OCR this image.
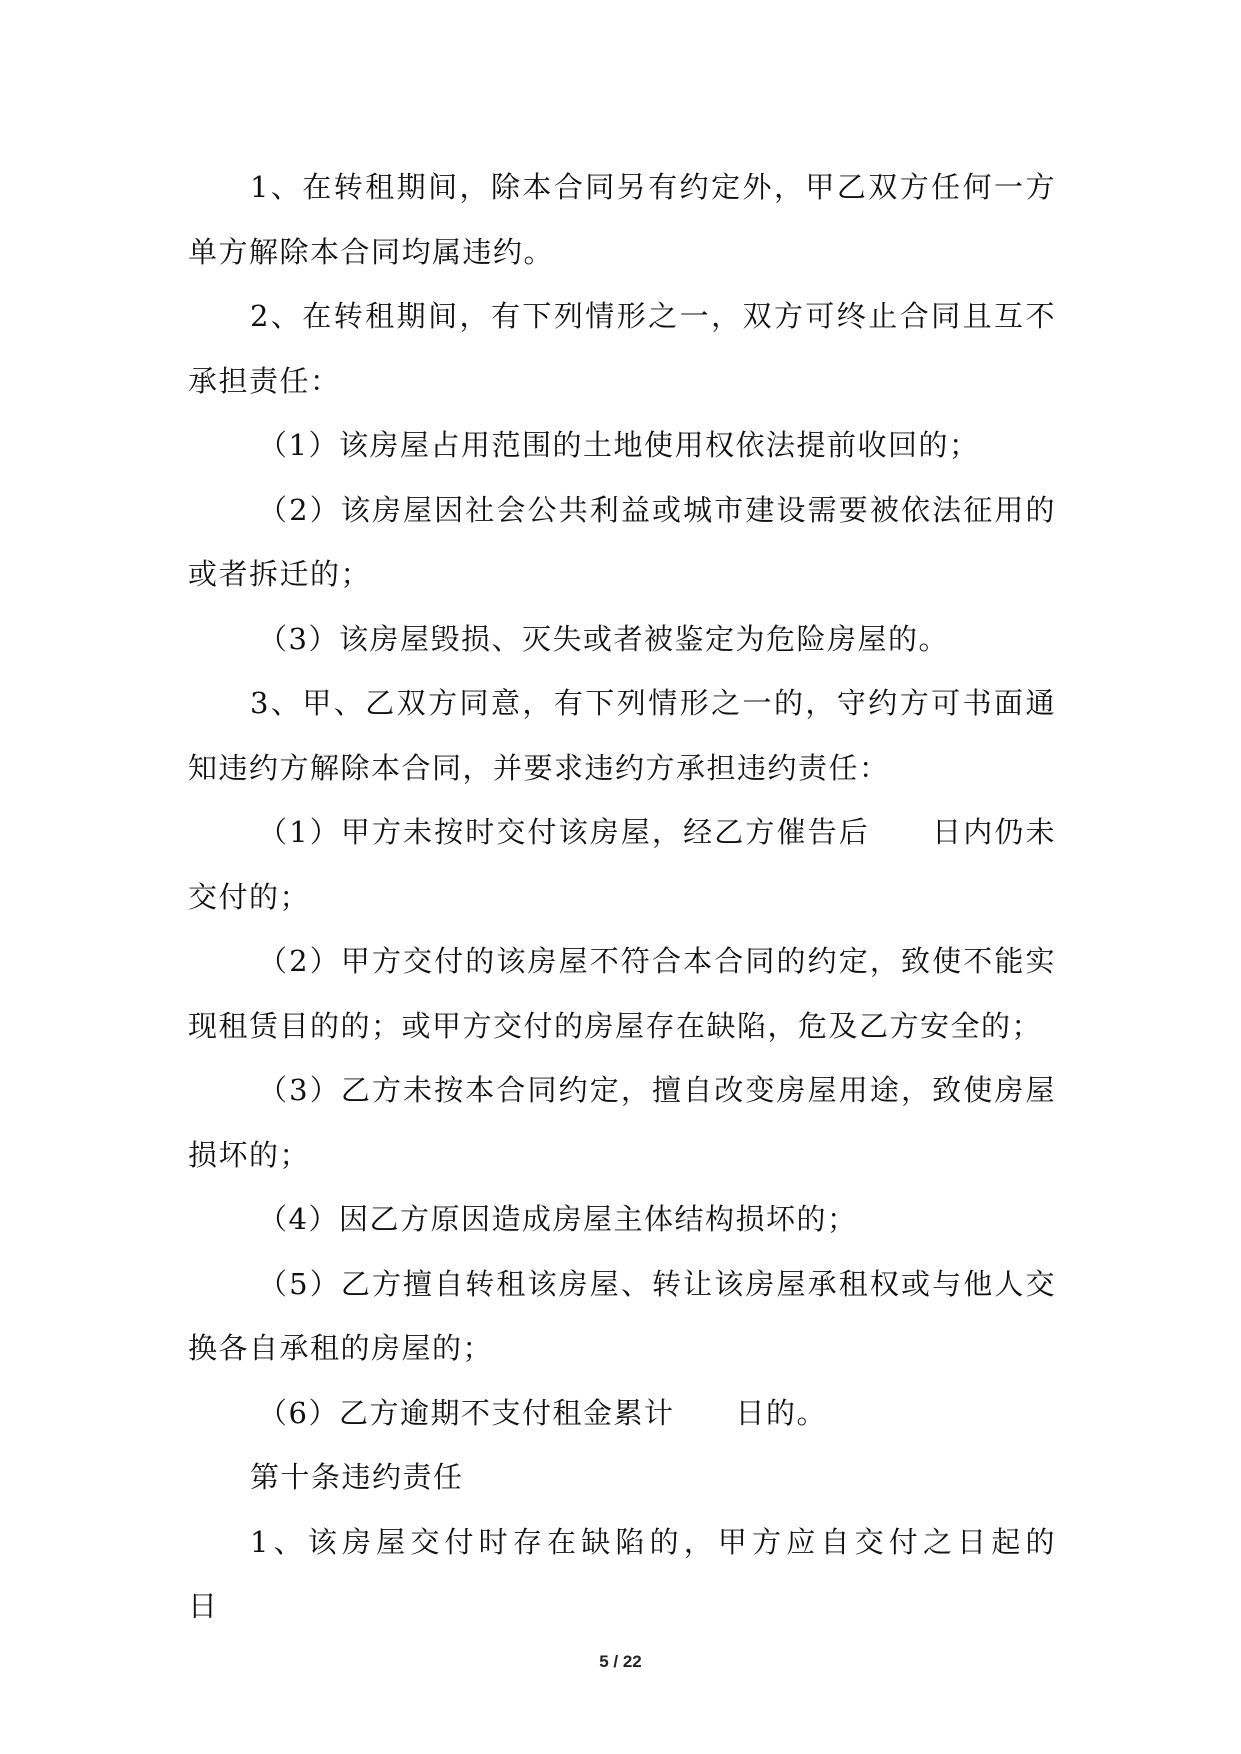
1、在转租期间，除本合同另有约定外，甲乙双方任何一方单方解除本合同均属违约。

2、在转租期间，有下列情形之一，双方可终止合同且互不承担责任：

（1）该房屋占用范围的土地使用权依法提前收回的；

（2）该房屋因社会公共利益或城市建设需要被依法征用的或者拆迁的；

（3）该房屋毁损、灭失或者被鉴定为危险房屋的。

3、甲、乙双方同意，有下列情形之一的，守约方可书面通知违约方解除本合同，并要求违约方承担违约责任：

（1）甲方未按时交付该房屋，经乙方催告后　　日内仍未交付的；

（2）甲方交付的该房屋不符合本合同的约定，致使不能实现租赁目的的；或甲方交付的房屋存在缺陷，危及乙方安全的；

（3）乙方未按本合同约定，擅自改变房屋用途，致使房屋损坏的；

（4）因乙方原因造成房屋主体结构损坏的；

（5）乙方擅自转租该房屋、转让该房屋承租权或与他人交换各自承租的房屋的；

（6）乙方逾期不支付租金累计　　日的。

第十条违约责任

1、该房屋交付时存在缺陷的，甲方应自交付之日起的　　日

5 / 22
